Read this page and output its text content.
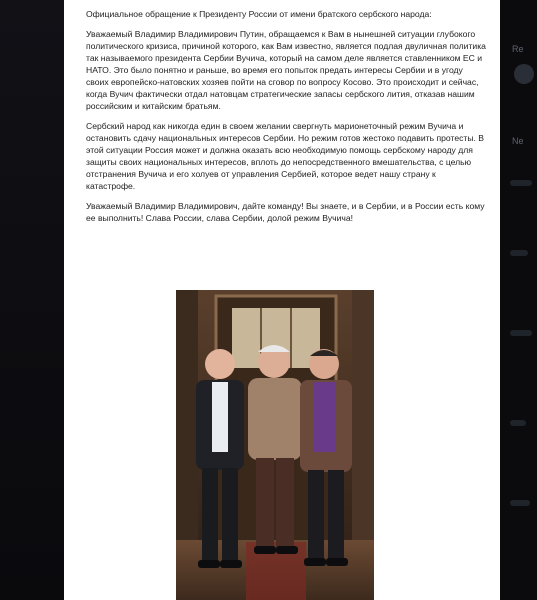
Re
Ne

Официальное обращение к Президенту России от имени братского сербского народа:

Уважаемый Владимир Владимирович Путин, обращаемся к Вам в нынешней ситуации глубокого политического кризиса, причиной которого, как Вам известно, является подлая двуличная политика так называемого президента Сербии Вучича, который на самом деле является ставленником ЕС и НАТО. Это было понятно и раньше, во время его попыток предать интересы Сербии и в угоду своих европейско-натовских хозяев пойти на сговор по вопросу Косово. Это происходит и сейчас, когда Вучич фактически отдал натовцам стратегические запасы сербского лития, отказав нашим российским и китайским братьям.

Сербский народ как никогда един в своем желании свергнуть марионеточный режим Вучича и остановить сдачу национальных интересов Сербии. Но режим готов жестоко подавить протесты. В этой ситуации Россия может и должна оказать всю необходимую помощь сербскому народу для защиты своих национальных интересов, вплоть до непосредственного вмешательства, с целью отстранения Вучича и его холуев от управления Сербией, которое ведет нашу страну к катастрофе.

Уважаемый Владимир Владимирович, дайте команду! Вы знаете, и в Сербии, и в России есть кому ее выполнить! Слава России, слава Сербии, долой режим Вучича!
